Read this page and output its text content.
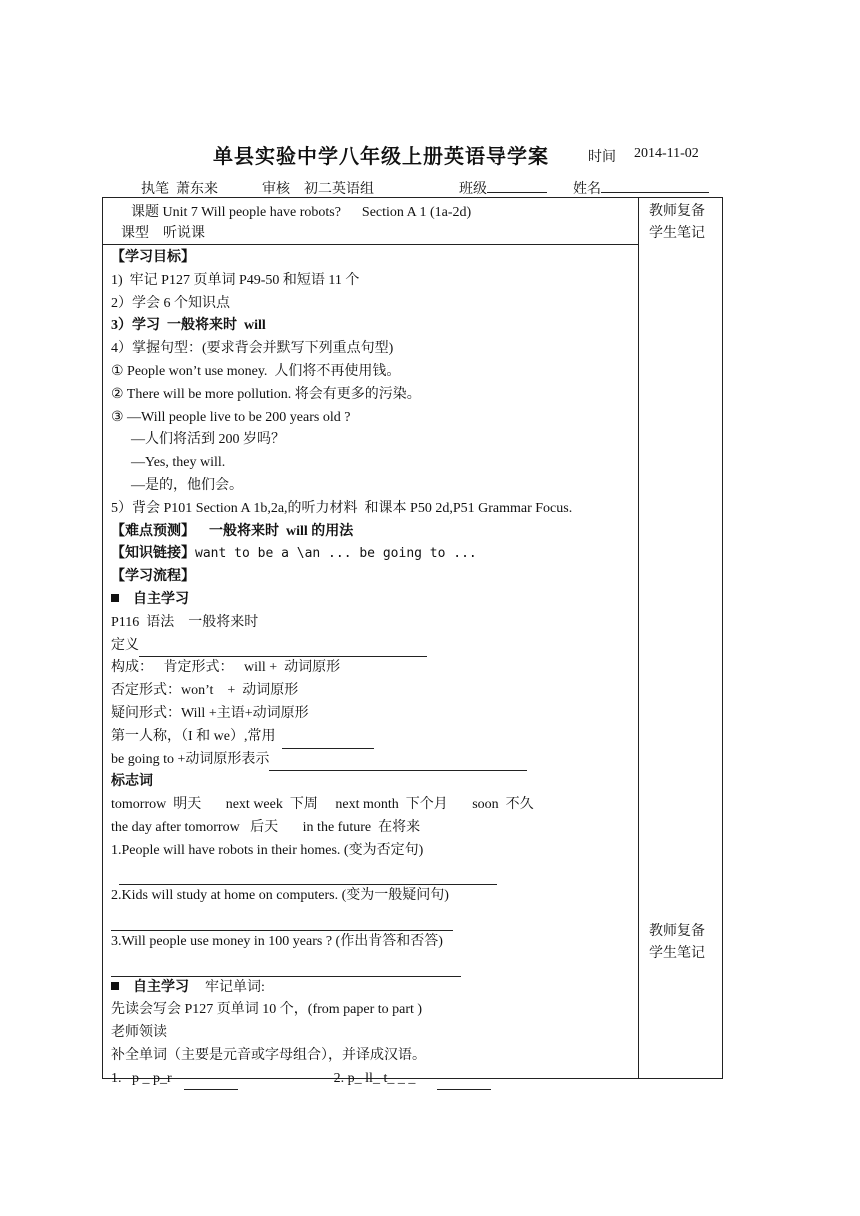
单县实验中学八年级上册英语导学案	时间 2014-11-02
执笔  萧东来	审核    初二英语组	班级	姓名
课题 Unit 7 Will people have robots?      Section A 1 (1a-2d)
课型    听说课
教师复备
学生笔记
教师复备
学生笔记
【学习目标】
1)  牢记 P127 页单词 P49-50 和短语 11 个
2）学会 6 个知识点
3）学习  一般将来时  will
4）掌握句型：(要求背会并默写下列重点句型)
① People won’t use money.  人们将不再使用钱。
② There will be more pollution. 将会有更多的污染。
③ —Will people live to be 200 years old ?
—人们将活到 200 岁吗？
—Yes, they will.
—是的，他们会。
5）背会 P101 Section A 1b,2a,的听力材料  和课本 P50 2d,P51 Grammar Focus.
【难点预测】 一般将来时  will 的用法
【知识链接】want to be a \an ... be going to ...
【学习流程】
自主学习
P116  语法    一般将来时
定义
构成：   肯定形式：   will +  动词原形
否定形式：won’t    +  动词原形
疑问形式：Will +主语+动词原形
第一人称，（I 和 we）,常用
be going to +动词原形表示
标志词
tomorrow  明天       next week  下周     next month  下个月       soon  不久
the day after tomorrow   后天       in the future  在将来
1.People will have robots in their homes. (变为否定句)
2.Kids will study at home on computers. (变为一般疑问句)
3.Will people use money in 100 years ? (作出肯答和否答)
自主学习 牢记单词:
先读会写会 P127 页单词 10 个，(from paper to part )
老师领读
补全单词（主要是元音或字母组合），并译成汉语。
1.   p _ p_r	2. p_ ll_ t_ _ _
